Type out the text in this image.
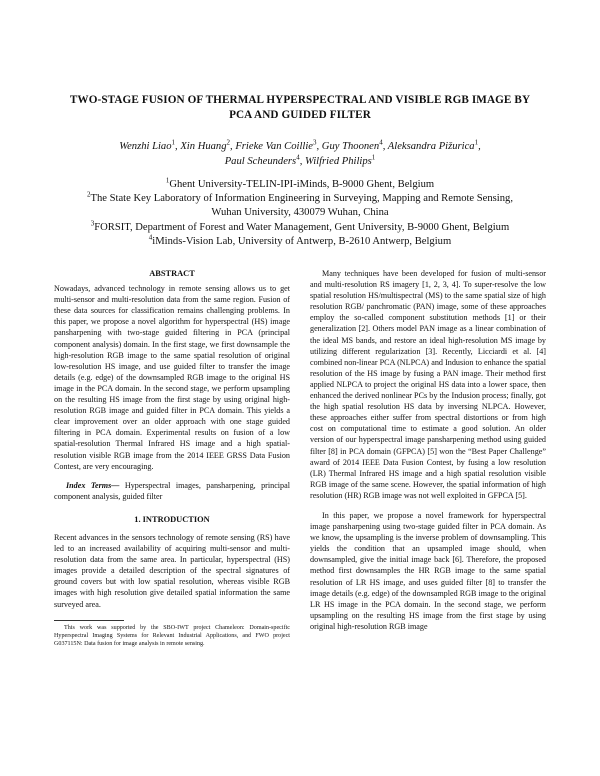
TWO-STAGE FUSION OF THERMAL HYPERSPECTRAL AND VISIBLE RGB IMAGE BY
PCA AND GUIDED FILTER
Wenzhi Liao$^1$, Xin Huang$^2$, Frieke Van Coillie$^3$, Guy Thoonen$^4$, Aleksandra Pižurica$^1$,
Paul Scheunders$^4$, Wilfried Philips$^1$
$^1$Ghent University-TELIN-IPI-iMinds, B-9000 Ghent, Belgium
$^2$The State Key Laboratory of Information Engineering in Surveying, Mapping and Remote Sensing,
Wuhan University, 430079 Wuhan, China
$^3$FORSIT, Department of Forest and Water Management, Gent University, B-9000 Ghent, Belgium
$^4$iMinds-Vision Lab, University of Antwerp, B-2610 Antwerp, Belgium
ABSTRACT

Nowadays, advanced technology in remote sensing allows us to get multi-sensor and multi-resolution data from the same region. Fusion of these data sources for classification remains challenging problems. In this paper, we propose a novel algorithm for hyperspectral (HS) image pansharpening with two-stage guided filtering in PCA (principal component analysis) domain. In the first stage, we first downsample the high-resolution RGB image to the same spatial resolution of original low-resolution HS image, and use guided filter to transfer the image details (e.g. edge) of the downsampled RGB image to the original HS image in the PCA domain. In the second stage, we perform upsampling on the resulting HS image from the first stage by using original high-resolution RGB image and guided filter in PCA domain. This yields a clear improvement over an older approach with one stage guided filtering in PCA domain. Experimental results on fusion of a low spatial-resolution Thermal Infrared HS image and a high spatial-resolution visible RGB image from the 2014 IEEE GRSS Data Fusion Contest, are very encouraging.

Index Terms— Hyperspectral images, pansharpening, principal component analysis, guided filter

1. INTRODUCTION

Recent advances in the sensors technology of remote sensing (RS) have led to an increased availability of acquiring multi-sensor and multi-resolution data from the same area. In particular, hyperspectral (HS) images provide a detailed description of the spectral signatures of ground covers but with low spatial resolution, whereas visible RGB images with high resolution give detailed spatial information the same surveyed area.

This work was supported by the SBO-IWT project Chameleon: Domain-specific Hyperspectral Imaging Systems for Relevant Industrial Applications, and FWO project G037115N: Data fusion for image analysis in remote sensing.

Many techniques have been developed for fusion of multi-sensor and multi-resolution RS imagery [1, 2, 3, 4]. To super-resolve the low spatial resolution HS/multispectral (MS) to the same spatial size of high resolution RGB/ panchromatic (PAN) image, some of these approaches employ the so-called component substitution methods [1] or their generalization [2]. Others model PAN image as a linear combination of the ideal MS bands, and restore an ideal high-resolution MS image by utilizing different regularization [3]. Recently, Licciardi et al. [4] combined non-linear PCA (NLPCA) and Indusion to enhance the spatial resolution of the HS image by fusing a PAN image. Their method first applied NLPCA to project the original HS data into a lower space, then enhanced the derived nonlinear PCs by the Indusion process; finally, got the high spatial resolution HS data by inversing NLPCA. However, these approaches either suffer from spectral distortions or from high cost on computational time to estimate a good solution. An older version of our hyperspectral image pansharpening method using guided filter [8] in PCA domain (GFPCA) [5] won the “Best Paper Challenge” award of 2014 IEEE Data Fusion Contest, by fusing a low resolution (LR) Thermal Infrared HS image and a high spatial resolution visible RGB image of the same scene. However, the spatial information of high resolution (HR) RGB image was not well exploited in GFPCA [5].

In this paper, we propose a novel framework for hyperspectral image pansharpening using two-stage guided filter in PCA domain. As we know, the upsampling is the inverse problem of downsampling. This yields the condition that an upsampled image should, when downsampled, give the initial image back [6]. Therefore, the proposed method first downsamples the HR RGB image to the same spatial resolution of LR HS image, and uses guided filter [8] to transfer the image details (e.g. edge) of the downsampled RGB image to the original LR HS image in the PCA domain. In the second stage, we perform upsampling on the resulting HS image from the first stage by using original high-resolution RGB image
